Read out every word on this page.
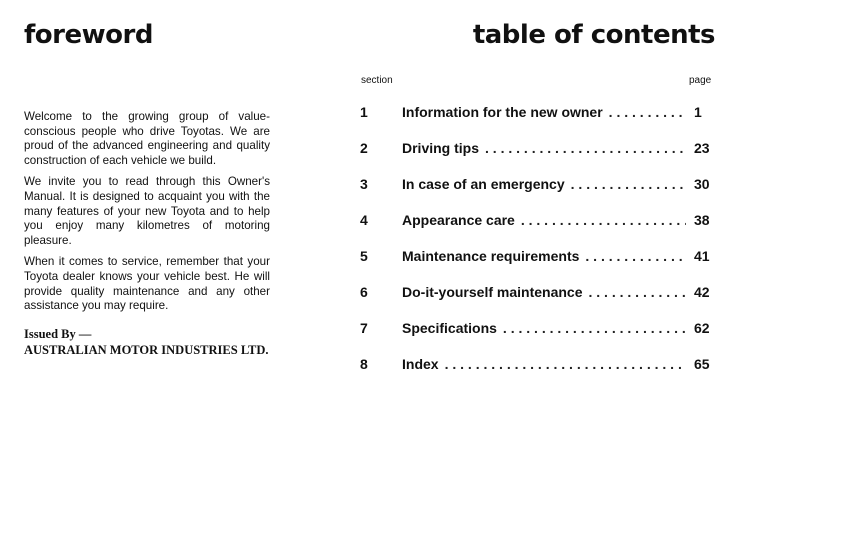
foreword

Welcome to the growing group of value-conscious people who drive Toyotas. We are proud of the advanced engineering and quality construction of each vehicle we build.

We invite you to read through this Owner's Manual. It is designed to acquaint you with the many features of your new Toyota and to help you enjoy many kilometres of motoring pleasure.

When it comes to service, remember that your Toyota dealer knows your vehicle best. He will provide quality maintenance and any other assistance you may require.

Issued By —
AUSTRALIAN MOTOR INDUSTRIES LTD.
table of contents
section	page
1	Information for the new owner . . .	1
2	Driving tips . . .	23
3	In case of an emergency . . .	30
4	Appearance care . . .	38
5	Maintenance requirements . . .	41
6	Do-it-yourself maintenance . . .	42
7	Specifications . . .	62
8	Index . . .	65
